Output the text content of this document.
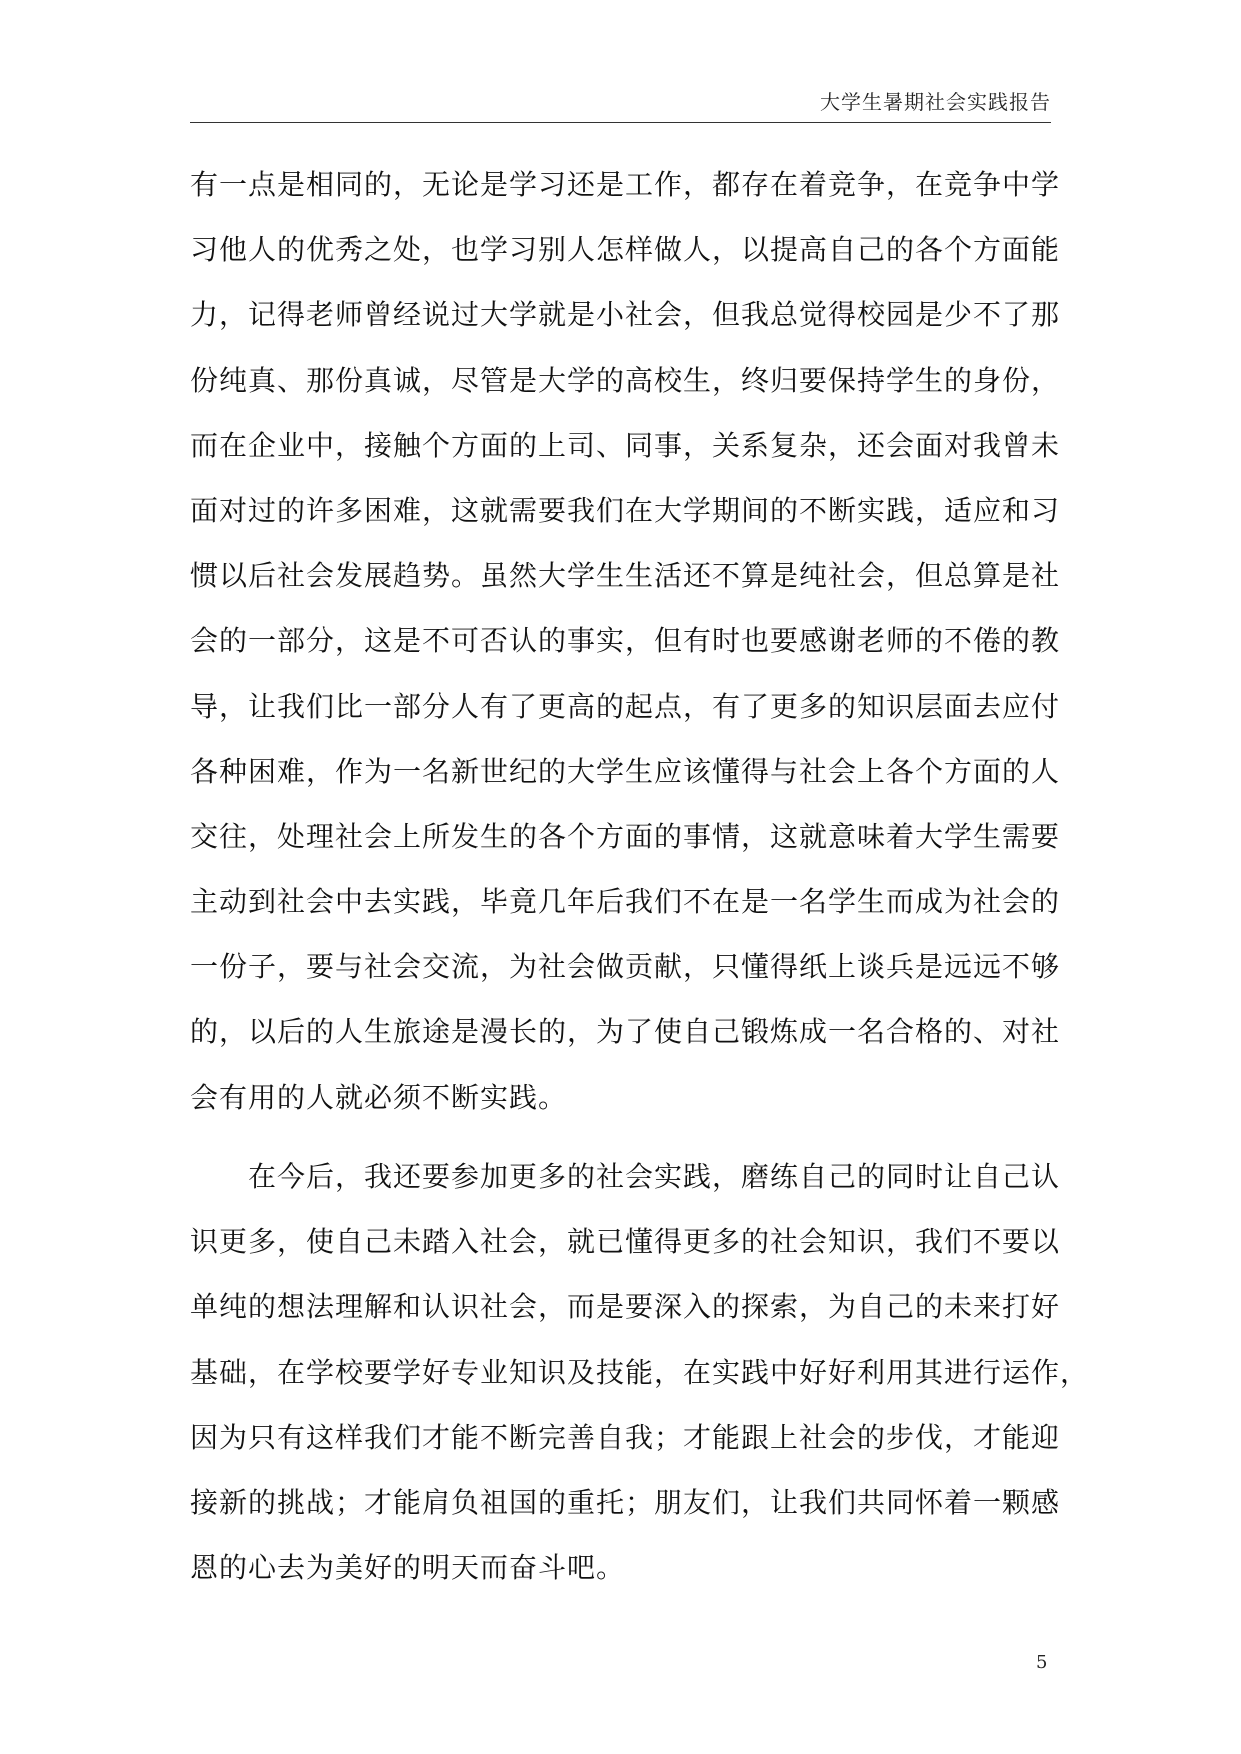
大学生暑期社会实践报告
有一点是相同的，无论是学习还是工作，都存在着竞争，在竞争中学
习他人的优秀之处，也学习别人怎样做人，以提高自己的各个方面能
力，记得老师曾经说过大学就是小社会，但我总觉得校园是少不了那
份纯真、那份真诚，尽管是大学的高校生，终归要保持学生的身份，
而在企业中，接触个方面的上司、同事，关系复杂，还会面对我曾未
面对过的许多困难，这就需要我们在大学期间的不断实践，适应和习
惯以后社会发展趋势。虽然大学生生活还不算是纯社会，但总算是社
会的一部分，这是不可否认的事实，但有时也要感谢老师的不倦的教
导，让我们比一部分人有了更高的起点，有了更多的知识层面去应付
各种困难，作为一名新世纪的大学生应该懂得与社会上各个方面的人
交往，处理社会上所发生的各个方面的事情，这就意味着大学生需要
主动到社会中去实践，毕竟几年后我们不在是一名学生而成为社会的
一份子，要与社会交流，为社会做贡献，只懂得纸上谈兵是远远不够
的，以后的人生旅途是漫长的，为了使自己锻炼成一名合格的、对社
会有用的人就必须不断实践。
在今后，我还要参加更多的社会实践，磨练自己的同时让自己认
识更多，使自己未踏入社会，就已懂得更多的社会知识，我们不要以
单纯的想法理解和认识社会，而是要深入的探索，为自己的未来打好
基础，在学校要学好专业知识及技能，在实践中好好利用其进行运作，
因为只有这样我们才能不断完善自我；才能跟上社会的步伐，才能迎
接新的挑战；才能肩负祖国的重托；朋友们，让我们共同怀着一颗感
恩的心去为美好的明天而奋斗吧。
5
